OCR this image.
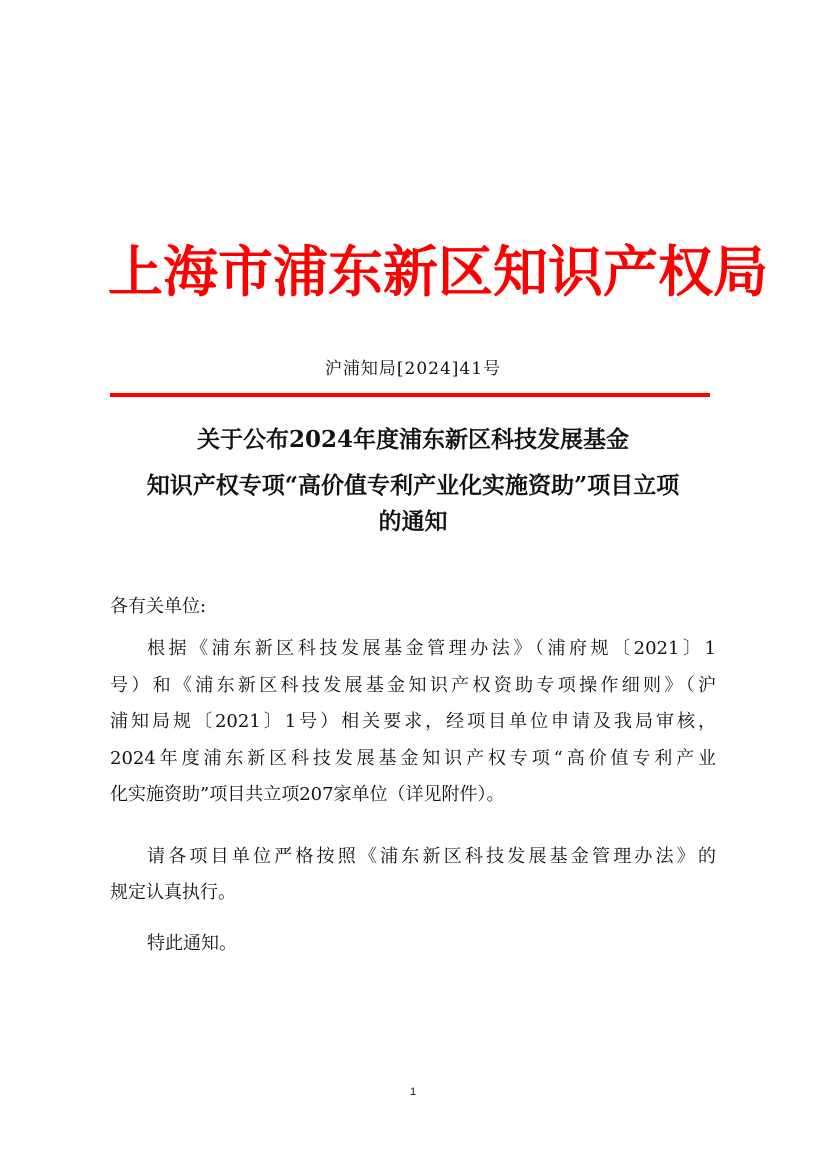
上海市浦东新区知识产权局
沪浦知局[2024]41号
关于公布2024年度浦东新区科技发展基金
知识产权专项“高价值专利产业化实施资助”项目立项
的通知
各有关单位:
根据《浦东新区科技发展基金管理办法》（浦府规〔2021〕1
号）和《浦东新区科技发展基金知识产权资助专项操作细则》（沪
浦知局规〔2021〕1号）相关要求，经项目单位申请及我局审核，
2024年度浦东新区科技发展基金知识产权专项“高价值专利产业
化实施资助”项目共立项207家单位（详见附件）。
请各项目单位严格按照《浦东新区科技发展基金管理办法》的
规定认真执行。
特此通知。
1
